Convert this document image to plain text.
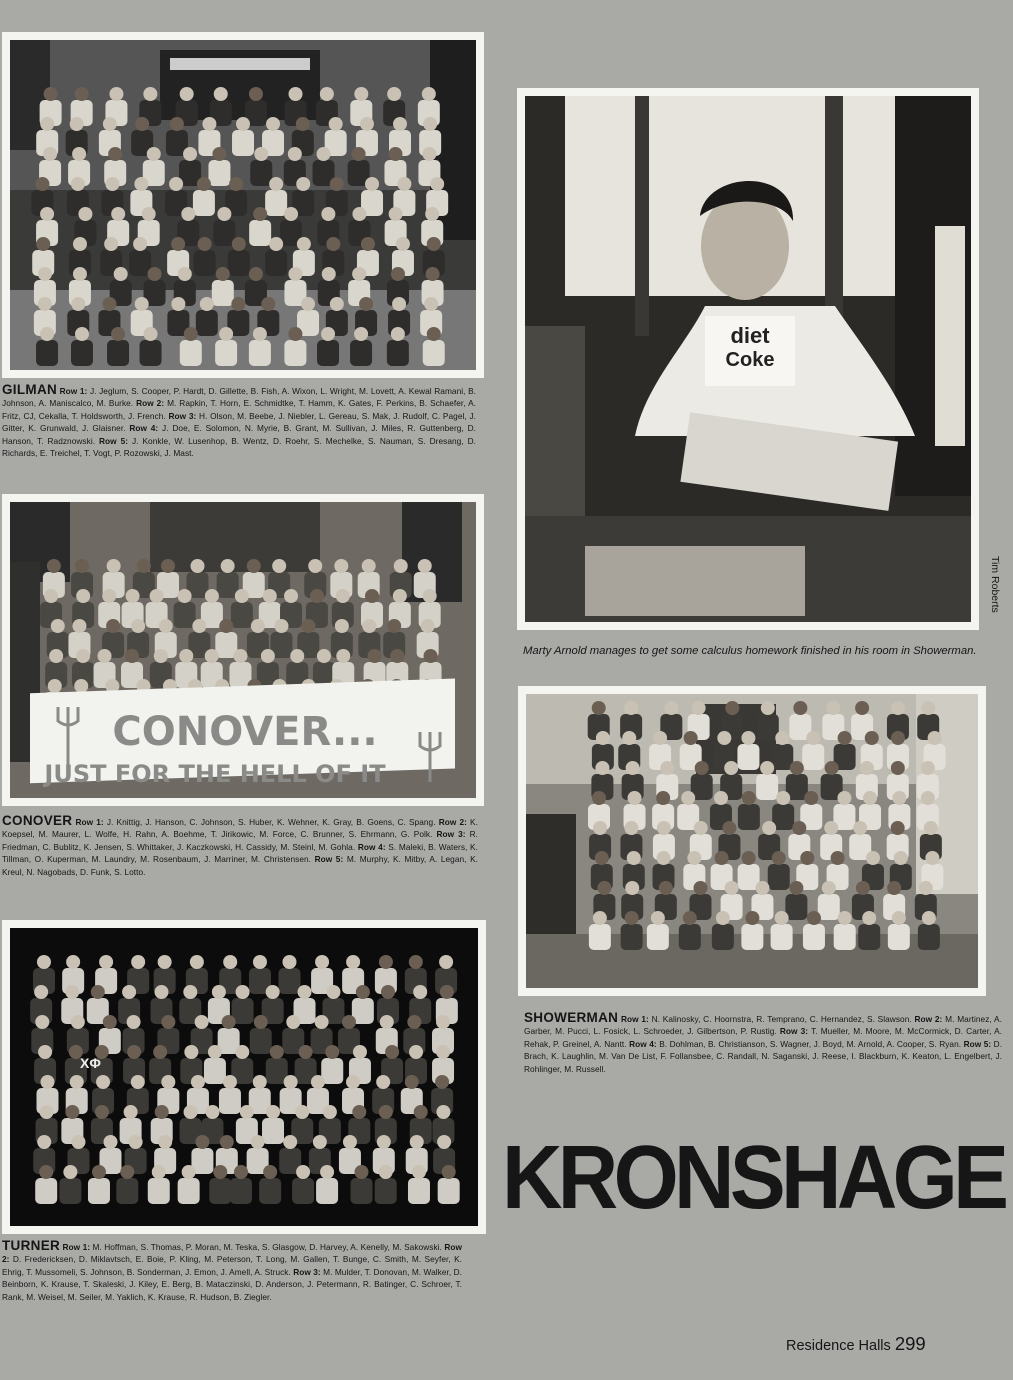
GILMAN Row 1: J. Jeglum, S. Cooper, P. Hardt, D. Gillette, B. Fish, A. Wixon, L. Wright, M. Lovett, A. Kewal Ramani, B. Johnson, A. Maniscalco, M. Burke. Row 2: M. Rapkin, T. Horn, E. Schmidtke, T. Hamm, K. Gates, F. Perkins, B. Schaefer, A. Fritz, CJ, Cekalla, T. Holdsworth, J. French. Row 3: H. Olson, M. Beebe, J. Niebler, L. Gereau, S. Mak, J. Rudolf, C. Pagel, J. Gitter, K. Grunwald, J. Glaisner. Row 4: J. Doe, E. Solomon, N. Myrie, B. Grant, M. Sullivan, J. Miles, R. Guttenberg, D. Hanson, T. Radznowski. Row 5: J. Konkle, W. Lusenhop, B. Wentz, D. Roehr, S. Mechelke, S. Nauman, S. Dresang, D. Richards, E. Treichel, T. Vogt, P. Rozowski, J. Mast.
CONOVER...
JUST FOR THE HELL OF IT
CONOVER Row 1: J. Knittig, J. Hanson, C. Johnson, S. Huber, K. Wehner, K. Gray, B. Goens, C. Spang. Row 2: K. Koepsel, M. Maurer, L. Wolfe, H. Rahn, A. Boehme, T. Jirikowic, M. Force, C. Brunner, S. Ehrmann, G. Polk. Row 3: R. Friedman, C. Bublitz, K. Jensen, S. Whittaker, J. Kaczkowski, H. Cassidy, M. Steinl, M. Gohla. Row 4: S. Maleki, B. Waters, K. Tillman, O. Kuperman, M. Laundry, M. Rosenbaum, J. Marriner, M. Christensen. Row 5: M. Murphy, K. Mitby, A. Legan, K. Kreul, N. Nagobads, D. Funk, S. Lotto.
ΧΦ
TURNER Row 1: M. Hoffman, S. Thomas, P. Moran, M. Teska, S. Glasgow, D. Harvey, A. Kenelly, M. Sakowski. Row 2: D. Fredericksen, D. Miklavtsch, E. Boie, P. Kling, M. Peterson, T. Long, M. Gallen, T. Bunge, C. Smith, M. Seyfer, K. Ehrig, T. Mussomeli, S. Johnson, B. Sonderman, J. Emon, J. Amell, A. Struck. Row 3: M. Mulder, T. Donovan, M. Walker, D. Beinborn, K. Krause, T. Skaleski, J. Kiley, E. Berg, B. Mataczinski, D. Anderson, J. Petermann, R. Batinger, C. Schroer, T. Rank, M. Weisel, M. Seiler, M. Yaklich, K. Krause, R. Hudson, B. Ziegler.
diet
Coke
Tim Roberts
Marty Arnold manages to get some calculus homework finished in his room in Showerman.
SHOWERMAN Row 1: N. Kalinosky, C. Hoornstra, R. Temprano, C. Hernandez, S. Slawson. Row 2: M. Martinez, A. Garber, M. Pucci, L. Fosick, L. Schroeder, J. Gilbertson, P. Rustig. Row 3: T. Mueller, M. Moore, M. McCormick, D. Carter, A. Rehak, P. Greinel, A. Nantt. Row 4: B. Dohlman, B. Christianson, S. Wagner, J. Boyd, M. Arnold, A. Cooper, S. Ryan. Row 5: D. Brach, K. Laughlin, M. Van De List, F. Follansbee, C. Randall, N. Saganski, J. Reese, I. Blackburn, K. Keaton, L. Engelbert, J. Rohlinger, M. Russell.
KRONSHAGE
Residence Halls 299
